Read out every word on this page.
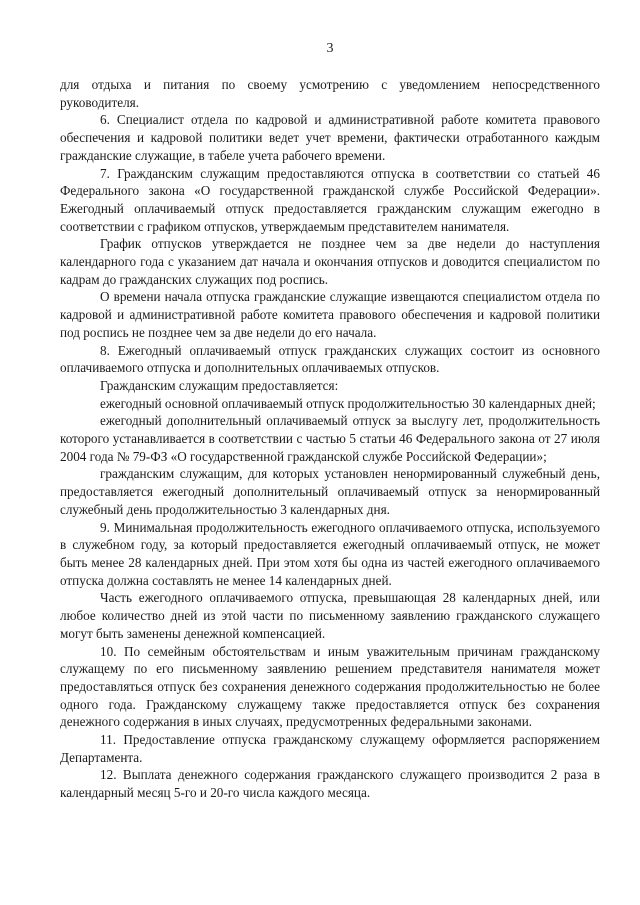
3

для отдыха и питания по своему усмотрению с уведомлением непосредственного руководителя.

6. Специалист отдела по кадровой и административной работе комитета правового обеспечения и кадровой политики ведет учет времени, фактически отработанного каждым гражданские служащие, в табеле учета рабочего времени.

7. Гражданским служащим предоставляются отпуска в соответствии со статьей 46 Федерального закона «О государственной гражданской службе Российской Федерации». Ежегодный оплачиваемый отпуск предоставляется гражданским служащим ежегодно в соответствии с графиком отпусков, утверждаемым представителем нанимателя.

График отпусков утверждается не позднее чем за две недели до наступления календарного года с указанием дат начала и окончания отпусков и доводится специалистом по кадрам до гражданских служащих под роспись.

О времени начала отпуска гражданские служащие извещаются специалистом отдела по кадровой и административной работе комитета правового обеспечения и кадровой политики под роспись не позднее чем за две недели до его начала.

8. Ежегодный оплачиваемый отпуск гражданских служащих состоит из основного оплачиваемого отпуска и дополнительных оплачиваемых отпусков.

Гражданским служащим предоставляется:

ежегодный основной оплачиваемый отпуск продолжительностью 30 календарных дней;

ежегодный дополнительный оплачиваемый отпуск за выслугу лет, продолжительность которого устанавливается в соответствии с частью 5 статьи 46 Федерального закона от 27 июля 2004 года № 79-ФЗ «О государственной гражданской службе Российской Федерации»;

гражданским служащим, для которых установлен ненормированный служебный день, предоставляется ежегодный дополнительный оплачиваемый отпуск за ненормированный служебный день продолжительностью 3 календарных дня.

9. Минимальная продолжительность ежегодного оплачиваемого отпуска, используемого в служебном году, за который предоставляется ежегодный оплачиваемый отпуск, не может быть менее 28 календарных дней. При этом хотя бы одна из частей ежегодного оплачиваемого отпуска должна составлять не менее 14 календарных дней.

Часть ежегодного оплачиваемого отпуска, превышающая 28 календарных дней, или любое количество дней из этой части по письменному заявлению гражданского служащего могут быть заменены денежной компенсацией.

10. По семейным обстоятельствам и иным уважительным причинам гражданскому служащему по его письменному заявлению решением представителя нанимателя может предоставляться отпуск без сохранения денежного содержания продолжительностью не более одного года. Гражданскому служащему также предоставляется отпуск без сохранения денежного содержания в иных случаях, предусмотренных федеральными законами.

11. Предоставление отпуска гражданскому служащему оформляется распоряжением Департамента.

12. Выплата денежного содержания гражданского служащего производится 2 раза в календарный месяц 5-го и 20-го числа каждого месяца.
